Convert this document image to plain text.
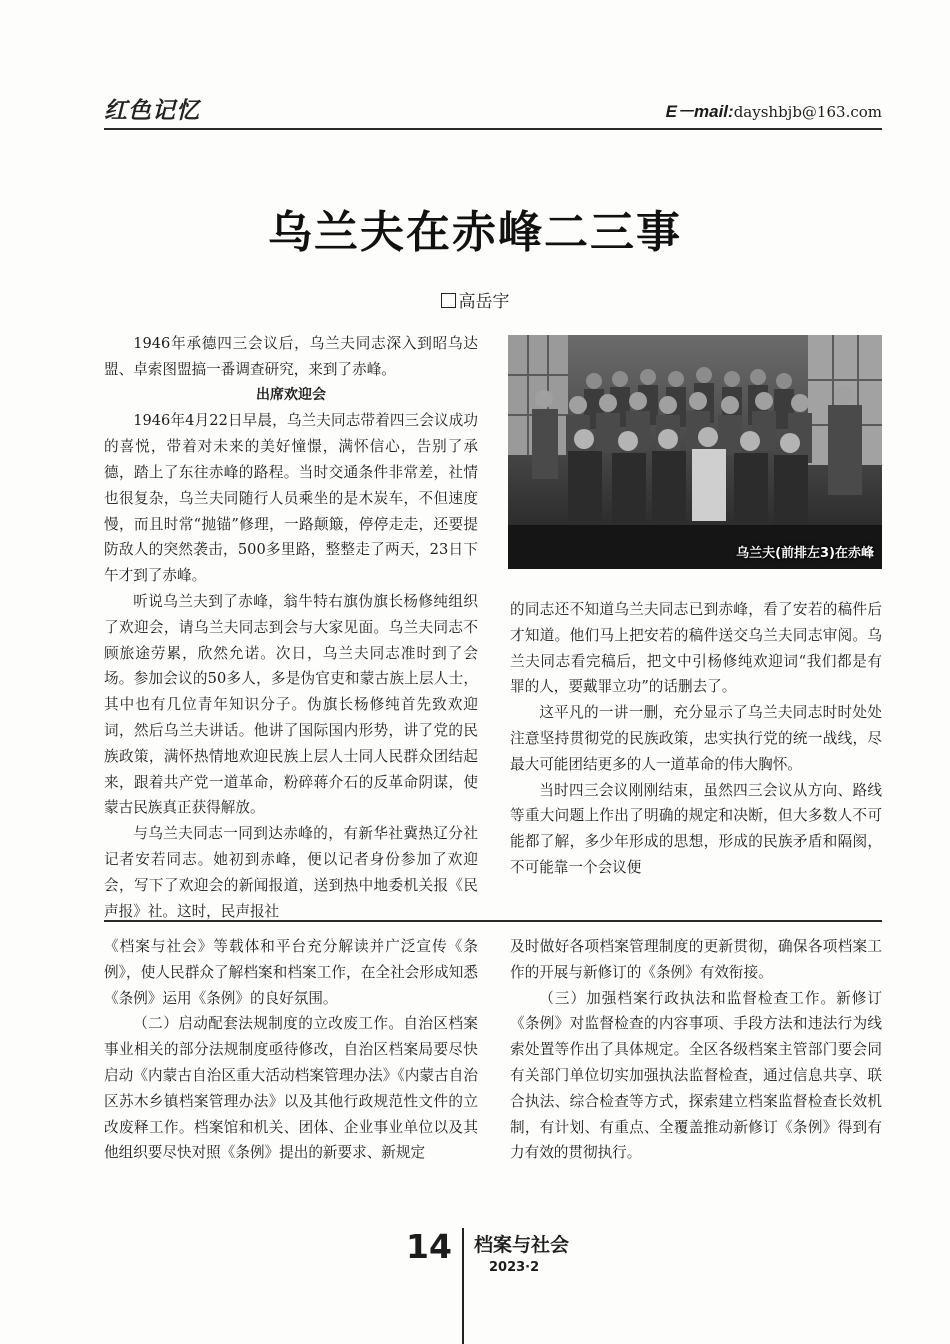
红色记忆	E－mail:dayshbjb@163.com
乌兰夫在赤峰二三事
高岳宇

1946年承德四三会议后，乌兰夫同志深入到昭乌达盟、卓索图盟搞一番调查研究，来到了赤峰。

出席欢迎会

1946年4月22日早晨，乌兰夫同志带着四三会议成功的喜悦，带着对未来的美好憧憬，满怀信心，告别了承德，踏上了东往赤峰的路程。当时交通条件非常差，社情也很复杂，乌兰夫同随行人员乘坐的是木炭车，不但速度慢，而且时常“抛锚”修理，一路颠簸，停停走走，还要提防敌人的突然袭击，500多里路，整整走了两天，23日下午才到了赤峰。

听说乌兰夫到了赤峰，翁牛特右旗伪旗长杨修纯组织了欢迎会，请乌兰夫同志到会与大家见面。乌兰夫同志不顾旅途劳累，欣然允诺。次日，乌兰夫同志准时到了会场。参加会议的50多人，多是伪官吏和蒙古族上层人士，其中也有几位青年知识分子。伪旗长杨修纯首先致欢迎词，然后乌兰夫讲话。他讲了国际国内形势，讲了党的民族政策，满怀热情地欢迎民族上层人士同人民群众团结起来，跟着共产党一道革命，粉碎蒋介石的反革命阴谋，使蒙古民族真正获得解放。

与乌兰夫同志一同到达赤峰的，有新华社冀热辽分社记者安若同志。她初到赤峰，便以记者身份参加了欢迎会，写下了欢迎会的新闻报道，送到热中地委机关报《民声报》社。这时，民声报社

乌兰夫(前排左3)在赤峰

的同志还不知道乌兰夫同志已到赤峰，看了安若的稿件后才知道。他们马上把安若的稿件送交乌兰夫同志审阅。乌兰夫同志看完稿后，把文中引杨修纯欢迎词“我们都是有罪的人，要戴罪立功”的话删去了。

这平凡的一讲一删，充分显示了乌兰夫同志时时处处注意坚持贯彻党的民族政策，忠实执行党的统一战线，尽最大可能团结更多的人一道革命的伟大胸怀。

当时四三会议刚刚结束，虽然四三会议从方向、路线等重大问题上作出了明确的规定和决断，但大多数人不可能都了解，多少年形成的思想，形成的民族矛盾和隔阂，不可能靠一个会议便

《档案与社会》等载体和平台充分解读并广泛宣传《条例》，使人民群众了解档案和档案工作，在全社会形成知悉《条例》运用《条例》的良好氛围。

（二）启动配套法规制度的立改废工作。自治区档案事业相关的部分法规制度亟待修改，自治区档案局要尽快启动《内蒙古自治区重大活动档案管理办法》《内蒙古自治区苏木乡镇档案管理办法》以及其他行政规范性文件的立改废释工作。档案馆和机关、团体、企业事业单位以及其他组织要尽快对照《条例》提出的新要求、新规定

及时做好各项档案管理制度的更新贯彻，确保各项档案工作的开展与新修订的《条例》有效衔接。

（三）加强档案行政执法和监督检查工作。新修订《条例》对监督检查的内容事项、手段方法和违法行为线索处置等作出了具体规定。全区各级档案主管部门要会同有关部门单位切实加强执法监督检查，通过信息共享、联合执法、综合检查等方式，探索建立档案监督检查长效机制，有计划、有重点、全覆盖推动新修订《条例》得到有力有效的贯彻执行。

14 档案与社会
2023·2
